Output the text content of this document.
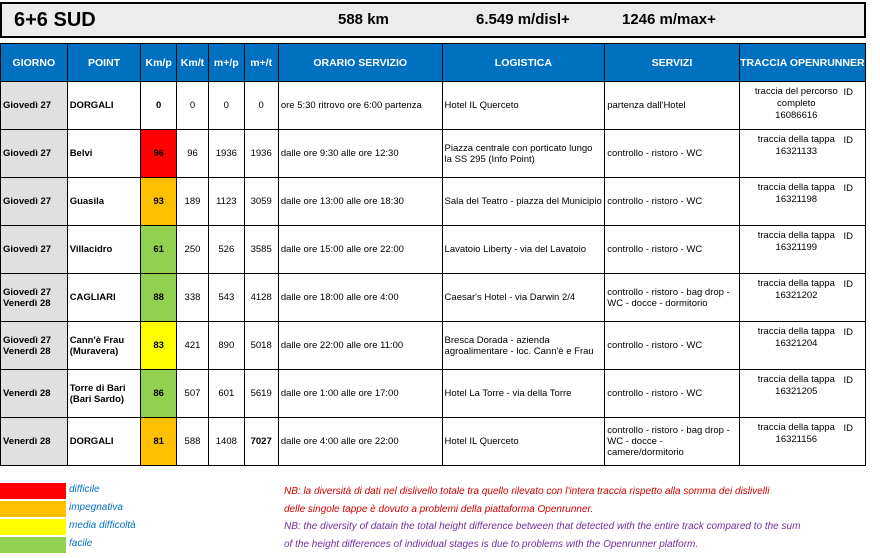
6+6 SUD	588 km	6.549 m/disl+	1246 m/max+
GIORNO	POINT	Km/p	Km/t	m+/p	m+/t	ORARIO SERVIZIO	LOGISTICA	SERVIZI	TRACCIA OPENRUNNER
Giovedì 27	DORGALI	0	0	0	0	ore 5:30 ritrovo ore 6:00 partenza	Hotel IL Querceto	partenza dall'Hotel	traccia del percorso completo
16086616
ID

Giovedì 27	Belvi	96	96	1936	1936	dalle ore 9:30 alle ore 12:30	Piazza centrale con porticato lungo la SS 295 (Info Point)	controllo - ristoro - WC	traccia della tappa
16321133
ID

Giovedì 27	Guasila	93	189	1123	3059	dalle ore 13:00 alle ore 18:30	Sala del Teatro - piazza del Municipio	controllo - ristoro - WC	traccia della tappa
16321198
ID

Giovedì 27	Villacidro	61	250	526	3585	dalle ore 15:00 alle ore 22:00	Lavatoio Liberty - via del Lavatoio	controllo - ristoro - WC	traccia della tappa
16321199
ID

Giovedì 27 Venerdì 28	CAGLIARI	88	338	543	4128	dalle ore 18:00 alle ore 4:00	Caesar's Hotel - via Darwin 2/4	controllo - ristoro - bag drop - WC - docce - dormitorio	traccia della tappa
16321202
ID

Giovedì 27 Venerdì 28	Cann'è Frau (Muravera)	83	421	890	5018	dalle ore 22:00 alle ore 11:00	Bresca Dorada - azienda agroalimentare - loc. Cann'è e Frau	controllo - ristoro - WC	traccia della tappa
16321204
ID

Venerdì 28	Torre di Bari (Bari Sardo)	86	507	601	5619	dalle ore 1:00 alle ore 17:00	Hotel La Torre - via della Torre	controllo - ristoro - WC	traccia della tappa
16321205
ID

Venerdì 28	DORGALI	81	588	1408	7027	dalle ore 4:00 alle ore 22:00	Hotel IL Querceto	controllo - ristoro - bag drop - WC - docce - camere/dormitorio	traccia della tappa
16321156
ID
difficile
impegnativa
media difficoltà
facile
NB: la diversità di dati nel dislivello totale tra quello rilevato con l'intera traccia rispetto alla somma dei dislivelli
delle singole tappe è dovuto a problemi della piattaforma Openrunner.
NB: the diversity of datain the total height difference between that detected with the entire track compared to the sum
of the height differences of individual stages is due to problems with the Openrunner platform.
